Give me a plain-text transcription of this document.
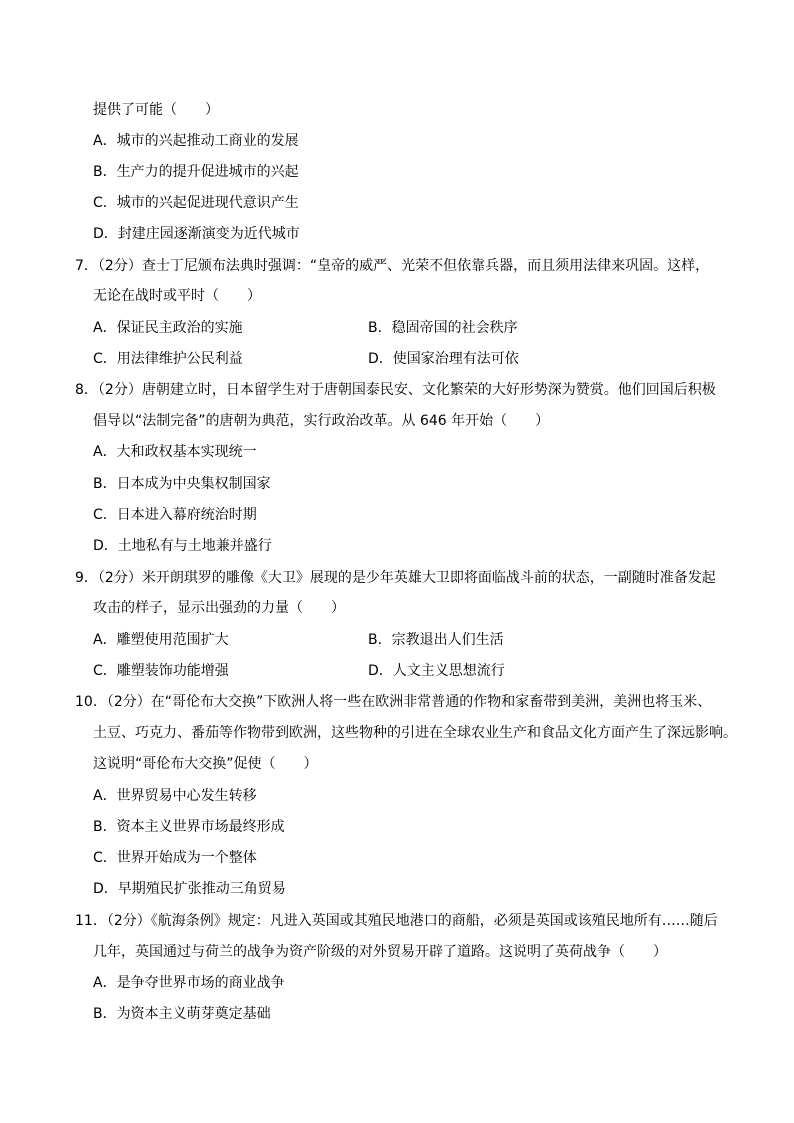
提供了可能（　　）
A．城市的兴起推动工商业的发展
B．生产力的提升促进城市的兴起
C．城市的兴起促进现代意识产生
D．封建庄园逐渐演变为近代城市
7．（2分）查士丁尼颁布法典时强调：“皇帝的威严、光荣不但依靠兵器，而且须用法律来巩固。这样，
无论在战时或平时（　　）
A．保证民主政治的实施	B．稳固帝国的社会秩序
C．用法律维护公民利益	D．使国家治理有法可依
8．（2分）唐朝建立时，日本留学生对于唐朝国泰民安、文化繁荣的大好形势深为赞赏。他们回国后积极
倡导以“法制完备”的唐朝为典范，实行政治改革。从 646 年开始（　　）
A．大和政权基本实现统一
B．日本成为中央集权制国家
C．日本进入幕府统治时期
D．土地私有与土地兼并盛行
9．（2分）米开朗琪罗的雕像《大卫》展现的是少年英雄大卫即将面临战斗前的状态，一副随时准备发起
攻击的样子，显示出强劲的力量（　　）
A．雕塑使用范围扩大	B．宗教退出人们生活
C．雕塑装饰功能增强	D．人文主义思想流行
10．（2分）在“哥伦布大交换”下欧洲人将一些在欧洲非常普通的作物和家畜带到美洲，美洲也将玉米、
土豆、巧克力、番茄等作物带到欧洲，这些物种的引进在全球农业生产和食品文化方面产生了深远影响。
这说明“哥伦布大交换”促使（　　）
A．世界贸易中心发生转移
B．资本主义世界市场最终形成
C．世界开始成为一个整体
D．早期殖民扩张推动三角贸易
11．（2分）《航海条例》规定：凡进入英国或其殖民地港口的商船，必须是英国或该殖民地所有……随后
几年，英国通过与荷兰的战争为资产阶级的对外贸易开辟了道路。这说明了英荷战争（　　）
A．是争夺世界市场的商业战争
B．为资本主义萌芽奠定基础
